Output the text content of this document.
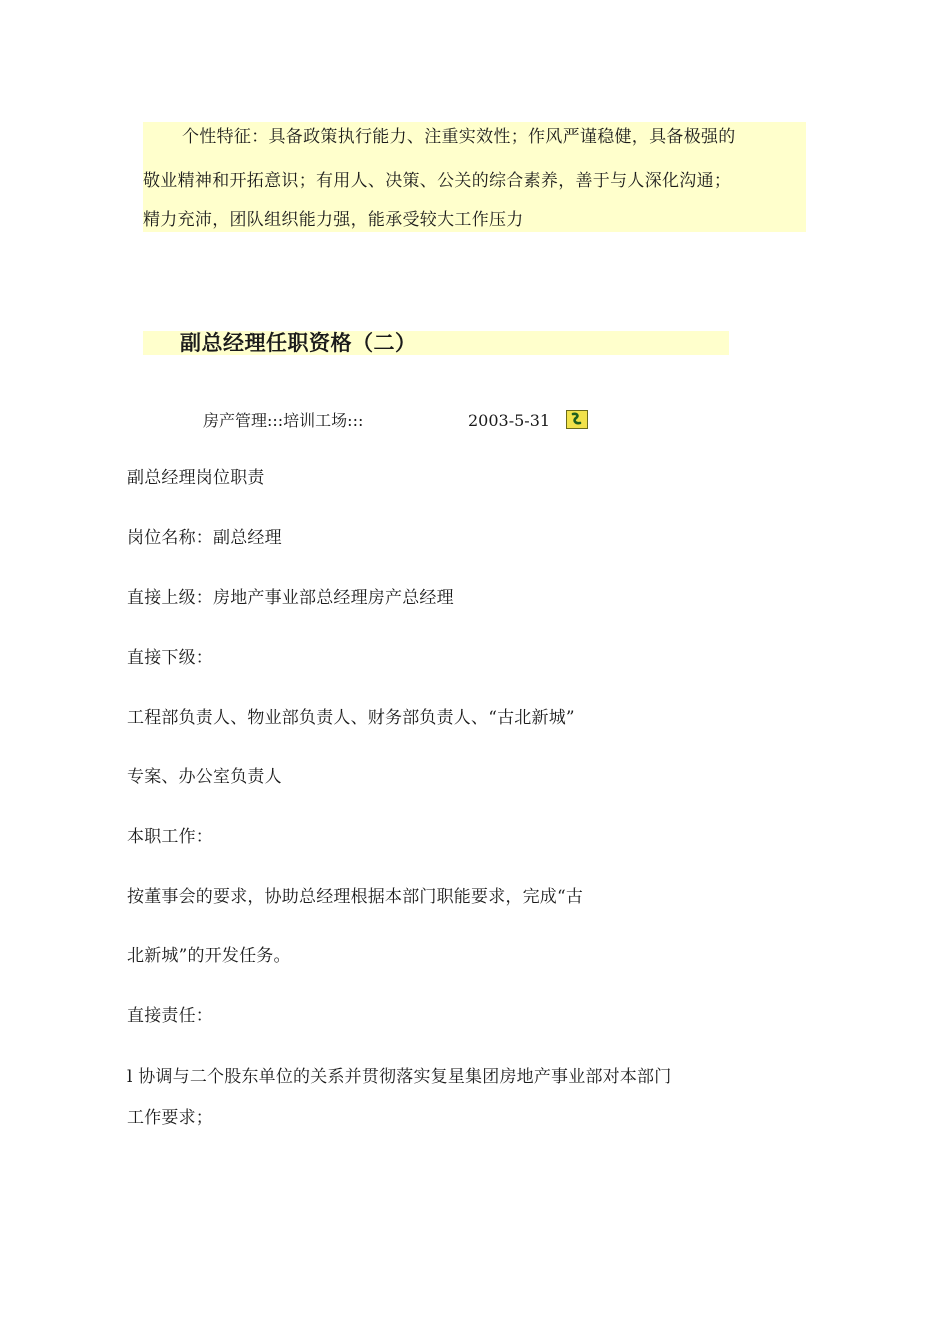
个性特征：具备政策执行能力、注重实效性；作风严谨稳健，具备极强的
敬业精神和开拓意识；有用人、决策、公关的综合素养，善于与人深化沟通；
精力充沛，团队组织能力强，能承受较大工作压力
副总经理任职资格（二）
房产管理:::培训工场:::	2003-5-31
副总经理岗位职责
岗位名称：副总经理
直接上级：房地产事业部总经理房产总经理
直接下级：
工程部负责人、物业部负责人、财务部负责人、“古北新城”
专案、办公室负责人
本职工作：
按董事会的要求，协助总经理根据本部门职能要求，完成“古
北新城”的开发任务。
直接责任：
l 协调与二个股东单位的关系并贯彻落实复星集团房地产事业部对本部门
工作要求；
